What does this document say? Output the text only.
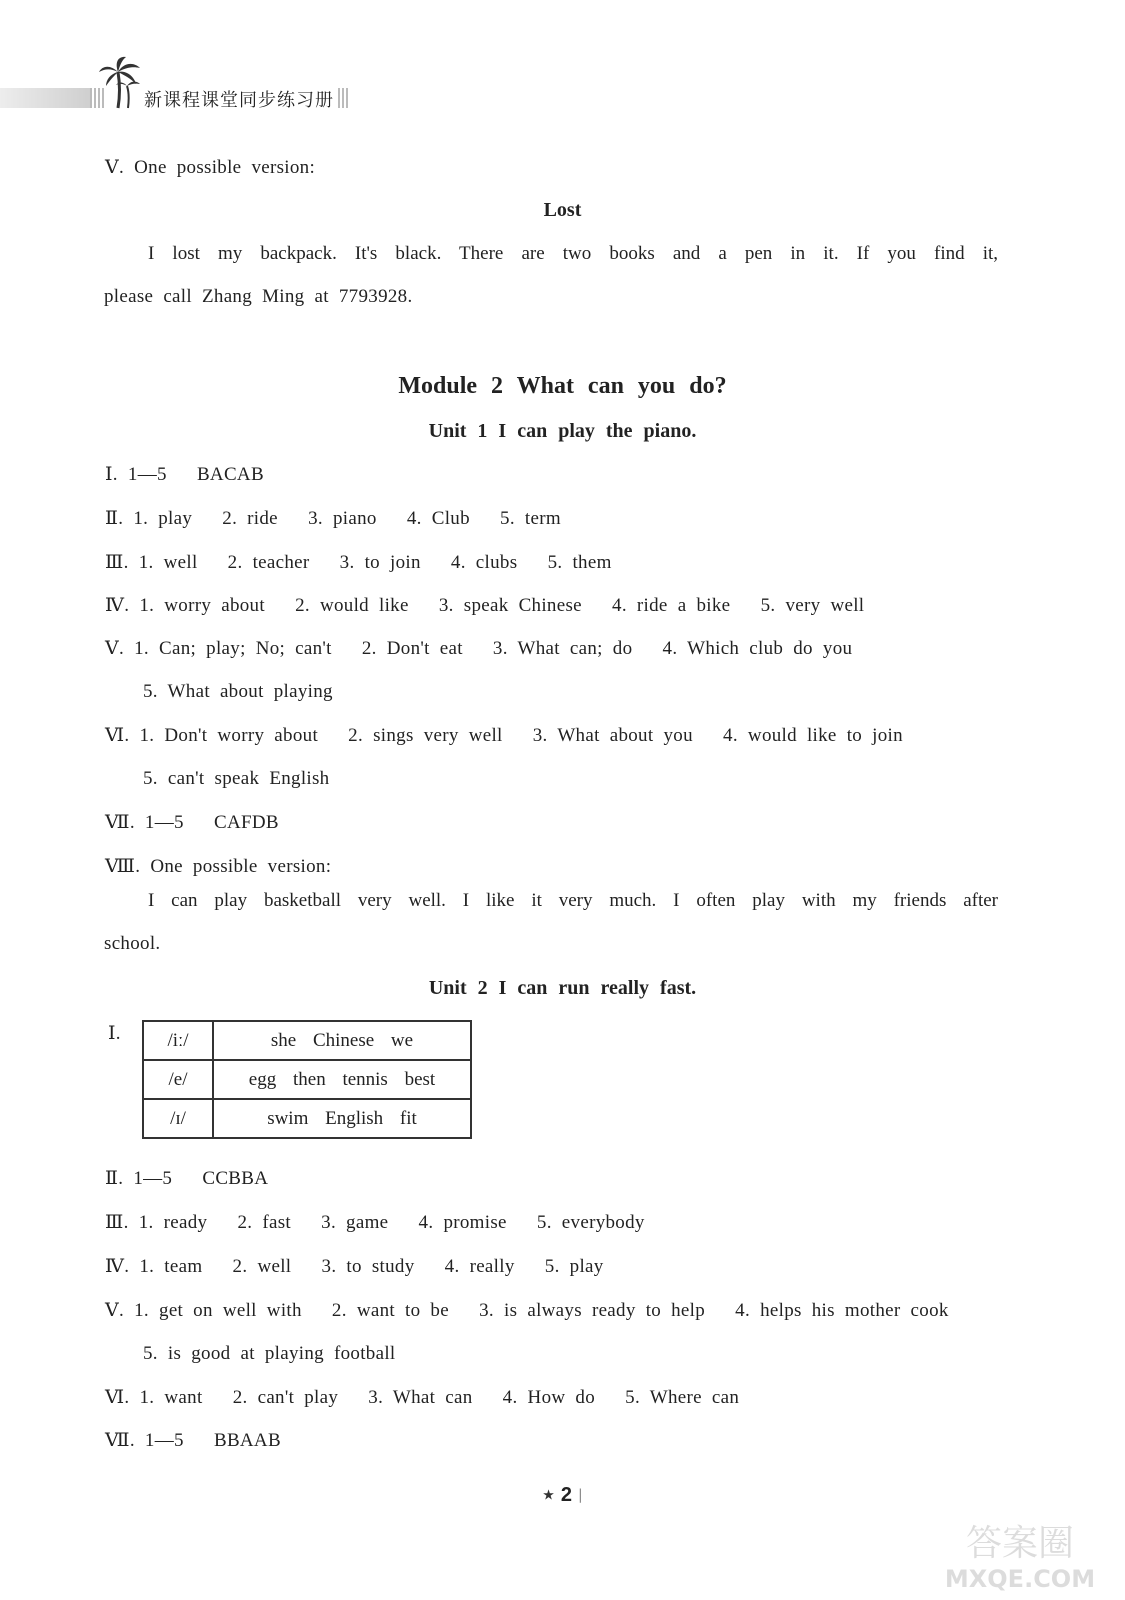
新课程课堂同步练习册
Ⅴ. One possible version:
Lost
I lost my backpack. It's black. There are two books and a pen in it. If you find it,
please call Zhang Ming at 7793928.
Module 2 What can you do?
Unit 1 I can play the piano.
Ⅰ. 1—5   BACAB
Ⅱ. 1. play   2. ride   3. piano   4. Club   5. term
Ⅲ. 1. well   2. teacher   3. to join   4. clubs   5. them
Ⅳ. 1. worry about   2. would like   3. speak Chinese   4. ride a bike   5. very well
Ⅴ. 1. Can; play; No; can't   2. Don't eat   3. What can; do   4. Which club do you
5. What about playing
Ⅵ. 1. Don't worry about   2. sings very well   3. What about you   4. would like to join
5. can't speak English
Ⅶ. 1—5   CAFDB
Ⅷ. One possible version:
I can play basketball very well. I like it very much. I often play with my friends after
school.
Unit 2 I can run really fast.
Ⅰ. /iː/	she Chinese we
/e/	egg then tennis best
/ɪ/	swim English fit
Ⅱ. 1—5   CCBBA
Ⅲ. 1. ready   2. fast   3. game   4. promise   5. everybody
Ⅳ. 1. team   2. well   3. to study   4. really   5. play
Ⅴ. 1. get on well with   2. want to be   3. is always ready to help   4. helps his mother cook
5. is good at playing football
Ⅵ. 1. want   2. can't play   3. What can   4. How do   5. Where can
Ⅶ. 1—5   BBAAB
★ 2 |
答案圈
MXQE.COM
